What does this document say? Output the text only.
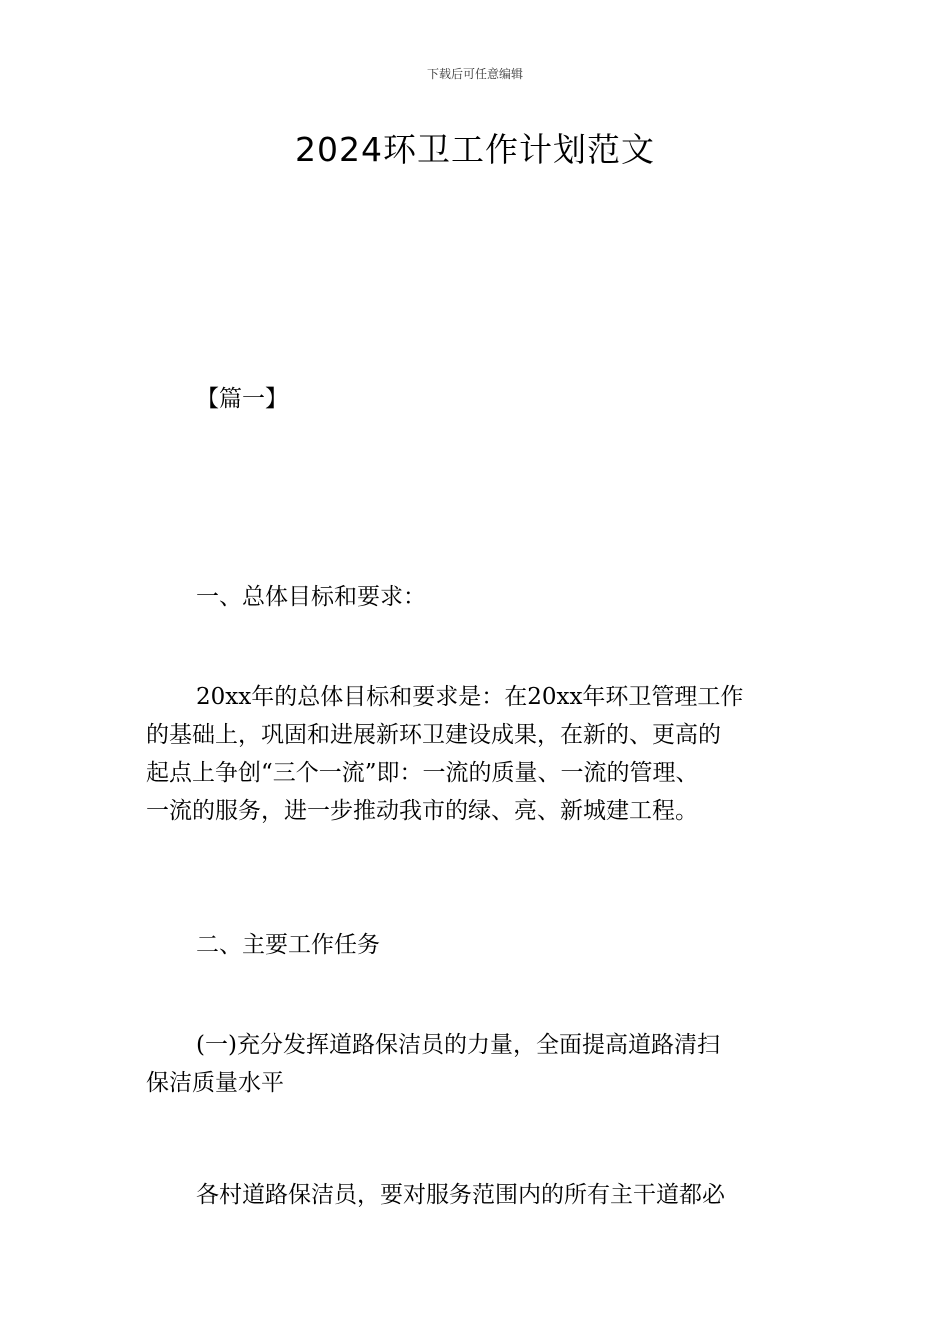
下载后可任意编辑
2024环卫工作计划范文
【篇一】

一、总体目标和要求：

20xx年的总体目标和要求是：在20xx年环卫管理工作
的基础上，巩固和进展新环卫建设成果，在新的、更高的
起点上争创“三个一流”即：一流的质量、一流的管理、
一流的服务，进一步推动我市的绿、亮、新城建工程。

二、主要工作任务

(一)充分发挥道路保洁员的力量，全面提高道路清扫
保洁质量水平

各村道路保洁员，要对服务范围内的所有主干道都必
